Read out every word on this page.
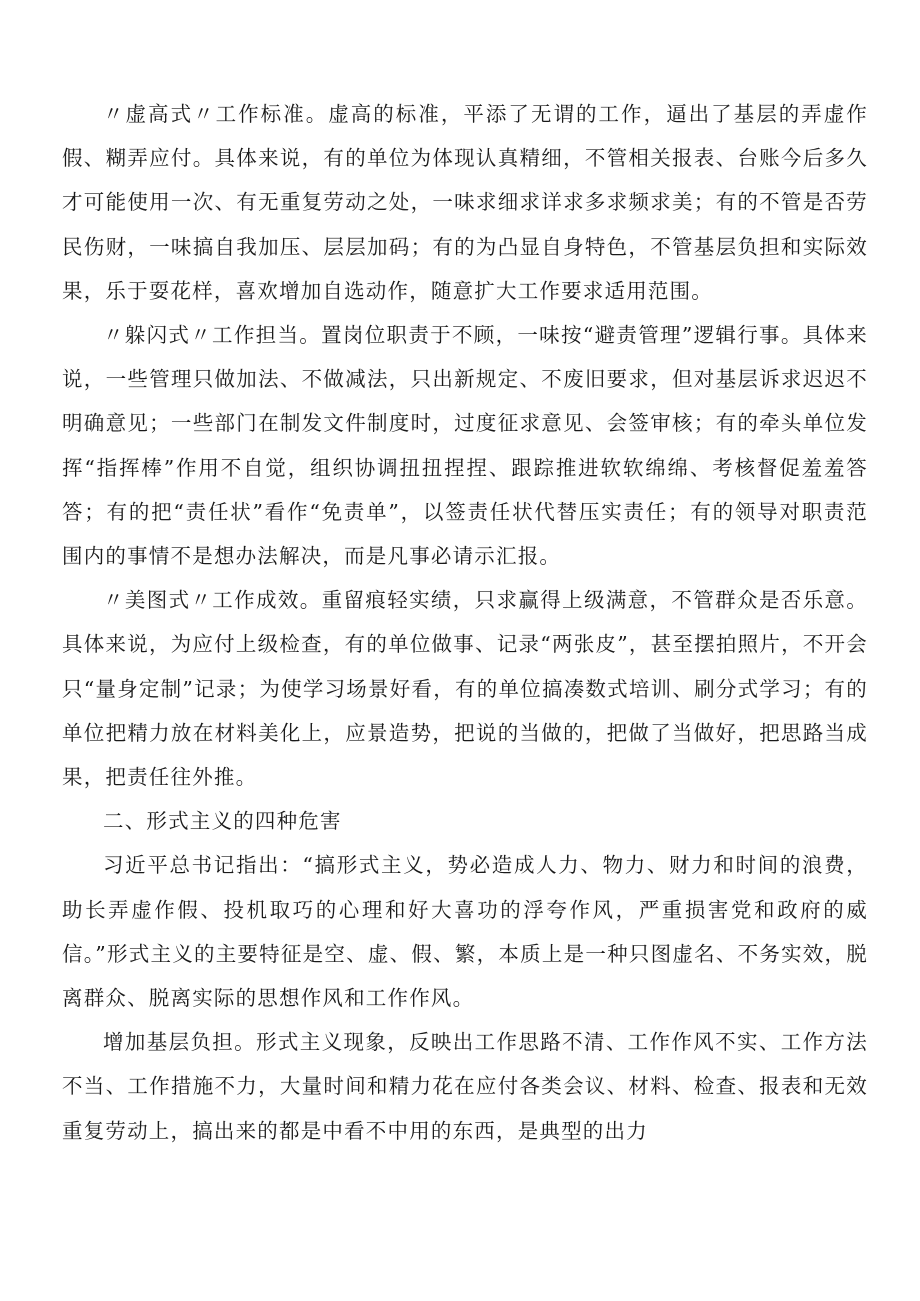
〃虚高式〃工作标准。虚高的标准，平添了无谓的工作，逼出了基层的弄虚作假、糊弄应付。具体来说，有的单位为体现认真精细，不管相关报表、台账今后多久才可能使用一次、有无重复劳动之处，一味求细求详求多求频求美；有的不管是否劳民伤财，一味搞自我加压、层层加码；有的为凸显自身特色，不管基层负担和实际效果，乐于耍花样，喜欢增加自选动作，随意扩大工作要求适用范围。

〃躲闪式〃工作担当。置岗位职责于不顾，一味按“避责管理”逻辑行事。具体来说，一些管理只做加法、不做减法，只出新规定、不废旧要求，但对基层诉求迟迟不明确意见；一些部门在制发文件制度时，过度征求意见、会签审核；有的牵头单位发挥“指挥棒”作用不自觉，组织协调扭扭捏捏、跟踪推进软软绵绵、考核督促羞羞答答；有的把“责任状”看作“免责单”，以签责任状代替压实责任；有的领导对职责范围内的事情不是想办法解决，而是凡事必请示汇报。

〃美图式〃工作成效。重留痕轻实绩，只求赢得上级满意，不管群众是否乐意。具体来说，为应付上级检查，有的单位做事、记录“两张皮”，甚至摆拍照片，不开会只“量身定制”记录；为使学习场景好看，有的单位搞凑数式培训、刷分式学习；有的单位把精力放在材料美化上，应景造势，把说的当做的，把做了当做好，把思路当成果，把责任往外推。

二、形式主义的四种危害

习近平总书记指出：“搞形式主义，势必造成人力、物力、财力和时间的浪费，助长弄虚作假、投机取巧的心理和好大喜功的浮夸作风，严重损害党和政府的威信。”形式主义的主要特征是空、虚、假、繁，本质上是一种只图虚名、不务实效，脱离群众、脱离实际的思想作风和工作作风。

增加基层负担。形式主义现象，反映出工作思路不清、工作作风不实、工作方法不当、工作措施不力，大量时间和精力花在应付各类会议、材料、检查、报表和无效重复劳动上，搞出来的都是中看不中用的东西，是典型的出力
